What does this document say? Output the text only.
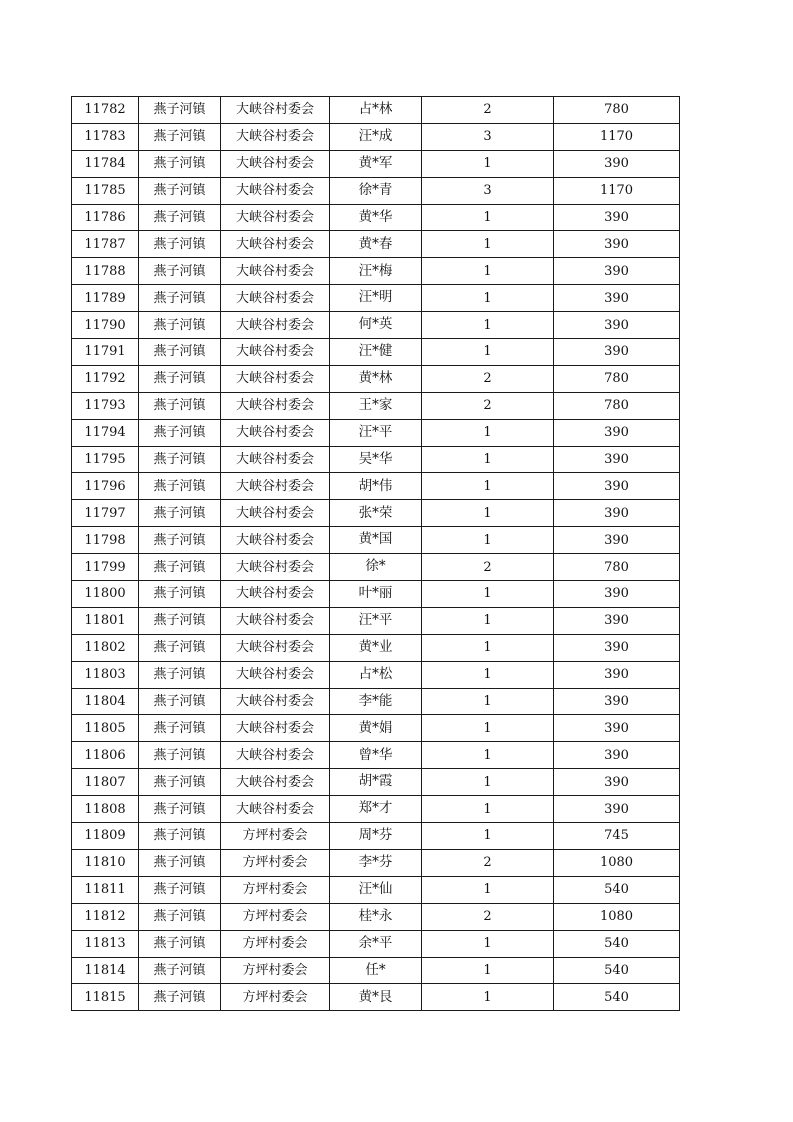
11782	燕子河镇	大峡谷村委会	占*林	2	780
11783	燕子河镇	大峡谷村委会	汪*成	3	1170
11784	燕子河镇	大峡谷村委会	黄*军	1	390
11785	燕子河镇	大峡谷村委会	徐*青	3	1170
11786	燕子河镇	大峡谷村委会	黄*华	1	390
11787	燕子河镇	大峡谷村委会	黄*春	1	390
11788	燕子河镇	大峡谷村委会	汪*梅	1	390
11789	燕子河镇	大峡谷村委会	汪*明	1	390
11790	燕子河镇	大峡谷村委会	何*英	1	390
11791	燕子河镇	大峡谷村委会	汪*健	1	390
11792	燕子河镇	大峡谷村委会	黄*林	2	780
11793	燕子河镇	大峡谷村委会	王*家	2	780
11794	燕子河镇	大峡谷村委会	汪*平	1	390
11795	燕子河镇	大峡谷村委会	吴*华	1	390
11796	燕子河镇	大峡谷村委会	胡*伟	1	390
11797	燕子河镇	大峡谷村委会	张*荣	1	390
11798	燕子河镇	大峡谷村委会	黄*国	1	390
11799	燕子河镇	大峡谷村委会	徐*	2	780
11800	燕子河镇	大峡谷村委会	叶*丽	1	390
11801	燕子河镇	大峡谷村委会	汪*平	1	390
11802	燕子河镇	大峡谷村委会	黄*业	1	390
11803	燕子河镇	大峡谷村委会	占*松	1	390
11804	燕子河镇	大峡谷村委会	李*能	1	390
11805	燕子河镇	大峡谷村委会	黄*娟	1	390
11806	燕子河镇	大峡谷村委会	曾*华	1	390
11807	燕子河镇	大峡谷村委会	胡*霞	1	390
11808	燕子河镇	大峡谷村委会	郑*才	1	390
11809	燕子河镇	方坪村委会	周*芬	1	745
11810	燕子河镇	方坪村委会	李*芬	2	1080
11811	燕子河镇	方坪村委会	汪*仙	1	540
11812	燕子河镇	方坪村委会	桂*永	2	1080
11813	燕子河镇	方坪村委会	余*平	1	540
11814	燕子河镇	方坪村委会	任*	1	540
11815	燕子河镇	方坪村委会	黄*艮	1	540
